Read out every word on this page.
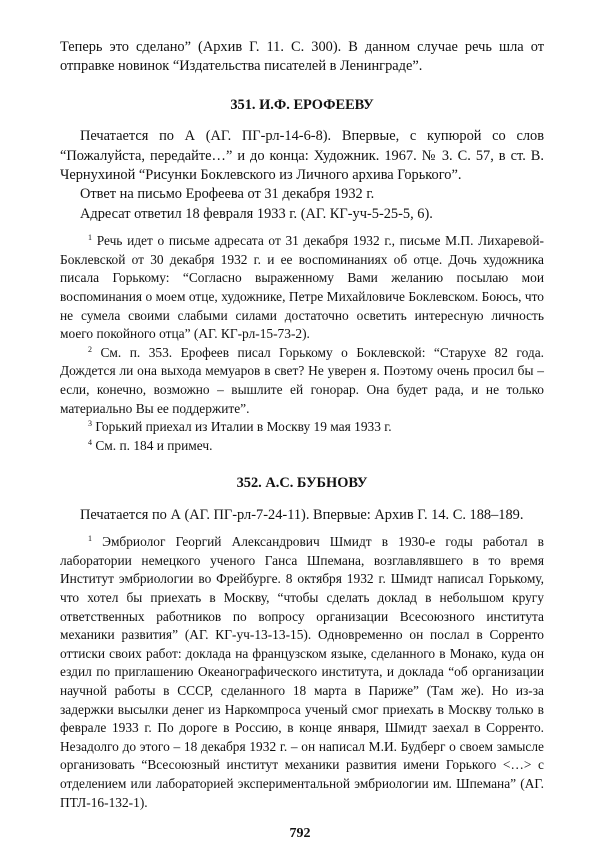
Теперь это сделано” (Архив Г. 11. С. 300). В данном случае речь шла от отправке новинок “Издательства писателей в Ленинграде”.

351. И.Ф. ЕРОФЕЕВУ

Печатается по А (АГ. ПГ-рл-14-6-8). Впервые, с купюрой со слов “Пожалуйста, передайте…” и до конца: Художник. 1967. № 3. С. 57, в ст. В. Чернухиной “Рисунки Боклевского из Личного архива Горького”.

Ответ на письмо Ерофеева от 31 декабря 1932 г.

Адресат ответил 18 февраля 1933 г. (АГ. КГ-уч-5-25-5, 6).

$^1$ Речь идет о письме адресата от 31 декабря 1932 г., письме М.П. Лихаревой-Боклевской от 30 декабря 1932 г. и ее воспоминаниях об отце. Дочь художника писала Горькому: “Согласно выраженному Вами желанию посылаю мои воспоминания о моем отце, художнике, Петре Михайловиче Боклевском. Боюсь, что не сумела своими слабыми силами достаточно осветить интересную личность моего покойного отца” (АГ. КГ-рл-15-73-2).

$^2$ См. п. 353. Ерофеев писал Горькому о Боклевской: “Старухе 82 года. Дождется ли она выхода мемуаров в свет? Не уверен я. Поэтому очень просил бы – если, конечно, возможно – вышлите ей гонорар. Она будет рада, и не только материально Вы ее поддержите”.

$^3$ Горький приехал из Италии в Москву 19 мая 1933 г.

$^4$ См. п. 184 и примеч.

352. А.С. БУБНОВУ

Печатается по А (АГ. ПГ-рл-7-24-11). Впервые: Архив Г. 14. С. 188–189.

$^1$ Эмбриолог Георгий Александрович Шмидт в 1930-е годы работал в лаборатории немецкого ученого Ганса Шпемана, возглавлявшего в то время Институт эмбриологии во Фрейбурге. 8 октября 1932 г. Шмидт написал Горькому, что хотел бы приехать в Москву, “чтобы сделать доклад в небольшом кругу ответственных работников по вопросу организации Всесоюзного института механики развития” (АГ. КГ-уч-13-13-15). Одновременно он послал в Сорренто оттиски своих работ: доклада на французском языке, сделанного в Монако, куда он ездил по приглашению Океанографического института, и доклада “об организации научной работы в СССР, сделанного 18 марта в Париже” (Там же). Но из-за задержки высылки денег из Наркомпроса ученый смог приехать в Москву только в феврале 1933 г. По дороге в Россию, в конце января, Шмидт заехал в Сорренто. Незадолго до этого – 18 декабря 1932 г. – он написал М.И. Будберг о своем замысле организовать “Всесоюзный институт механики развития имени Горького <…> с отделением или лабораторией экспериментальной эмбриологии им. Шпемана” (АГ. ПТЛ-16-132-1).

792
